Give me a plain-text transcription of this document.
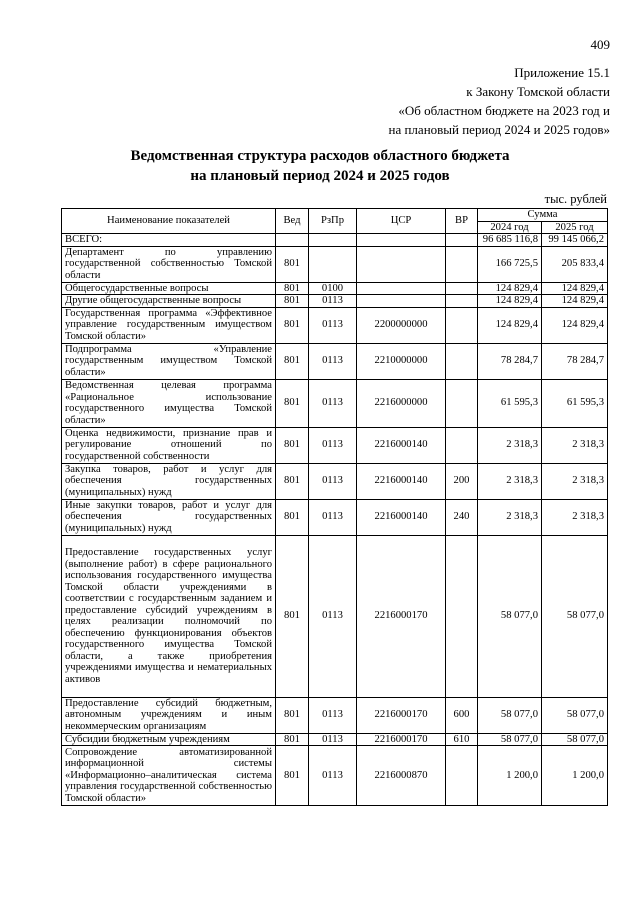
409
Приложение 15.1
к Закону Томской области
«Об областном бюджете на 2023 год и
на плановый период 2024 и 2025 годов»
Ведомственная структура расходов областного бюджета
на плановый период 2024 и 2025 годов
тыс. рублей
Наименование показателей	Вед	РзПр	ЦСР	ВР	Сумма	
					2024 год	2025 год
ВСЕГО:					96 685 116,8	99 145 066,2
Департамент по управлению государственной собственностью Томской области	801				166 725,5	205 833,4
Общегосударственные вопросы	801	0100			124 829,4	124 829,4
Другие общегосударственные вопросы	801	0113			124 829,4	124 829,4
Государственная программа «Эффективное управление государственным имуществом Томской области»	801	0113	2200000000		124 829,4	124 829,4
Подпрограмма «Управление государственным имуществом Томской области»	801	0113	2210000000		78 284,7	78 284,7
Ведомственная целевая программа «Рациональное использование государственного имущества Томской области»	801	0113	2216000000		61 595,3	61 595,3
Оценка недвижимости, признание прав и регулирование отношений по государственной собственности	801	0113	2216000140		2 318,3	2 318,3
Закупка товаров, работ и услуг для обеспечения государственных (муниципальных) нужд	801	0113	2216000140	200	2 318,3	2 318,3
Иные закупки товаров, работ и услуг для обеспечения государственных (муниципальных) нужд	801	0113	2216000140	240	2 318,3	2 318,3
Предоставление государственных услуг (выполнение работ) в сфере рационального использования государственного имущества Томской области учреждениями в соответствии с государственным заданием и предоставление субсидий учреждениям в целях реализации полномочий по обеспечению функционирования объектов государственного имущества Томской области, а также приобретения учреждениями имущества и нематериальных активов	801	0113	2216000170		58 077,0	58 077,0
Предоставление субсидий бюджетным, автономным учреждениям и иным некоммерческим организациям	801	0113	2216000170	600	58 077,0	58 077,0
Субсидии бюджетным учреждениям	801	0113	2216000170	610	58 077,0	58 077,0
Сопровождение автоматизированной информационной системы «Информационно–аналитическая система управления государственной собственностью Томской области»	801	0113	2216000870		1 200,0	1 200,0
